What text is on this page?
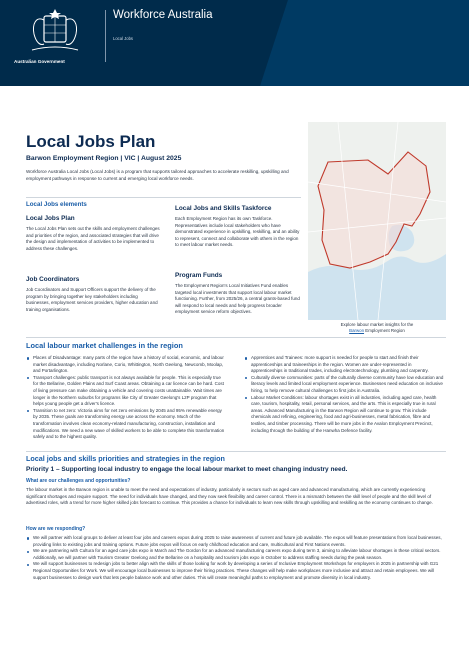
Australian Government
Workforce Australia
Local Jobs
Local Jobs Plan
Barwon Employment Region | VIC | August 2025
Workforce Australia Local Jobs (Local Jobs) is a program that supports tailored approaches to accelerate reskilling, upskilling and employment pathways in response to current and emerging local workforce needs.
Explore labour market insights for the
Barwon Employment Region
Local Jobs elements
Local Jobs Plan
The Local Jobs Plan sets out the skills and employment challenges and priorities of the region, and associated strategies that will drive the design and implementation of activities to be implemented to address these challenges.
Job Coordinators
Job Coordinators and Support Officers support the delivery of the program by bringing together key stakeholders including businesses, employment services providers, higher education and training organisations.
Local Jobs and Skills Taskforce
Each Employment Region has its own Taskforce. Representatives include local stakeholders who have demonstrated experience in upskilling, reskilling, and an ability to represent, connect and collaborate with others in the region to meet labour market needs.
Program Funds
The Employment Region's Local Initiatives Fund enables targeted local investments that support local labour market functioning. Further, from 2025/26, a central grants-based fund will respond to local needs and help progress broader employment service reform objectives.
Local labour market challenges in the region
Places of Disadvantage: many parts of the region have a history of social, economic, and labour market disadvantage, including Norlane, Corio, Whittington, North Geelong, Newcomb, Moolap, and Portarlington.
Transport challenges: public transport is not always available for people. This is especially true for the Bellarine, Golden Plains and Surf Coast areas. Obtaining a car licence can be hard. Cost of living pressure can make obtaining a vehicle and covering costs unattainable. Wait times are longer in the Northern suburbs for programs like City of Greater Geelong's L2P program that helps young people get a driver's licence.
Transition to net zero: Victoria aims for net zero emissions by 2045 and 95% renewable energy by 2035. These goals are transforming energy use across the economy. Much of the transformation involves clean economy-related manufacturing, construction, installation and modifications. We need a new wave of skilled workers to be able to complete this transformation safely and to the highest quality.
Apprentices and Trainees: more support is needed for people to start and finish their apprenticeships and traineeships in the region. Women are under-represented in apprenticeships in traditional trades, including electrotechnology, plumbing and carpentry.
Culturally diverse communities: parts of the culturally diverse community have low education and literacy levels and limited local employment experience. Businesses need education on inclusive hiring, to help remove cultural challenges to first jobs in Australia.
Labour Market Conditions: labour shortages exist in all industries, including aged care, health care, tourism, hospitality, retail, personal services, and the arts. This is especially true in rural areas. Advanced Manufacturing in the Barwon Region will continue to grow. This include chemicals and refining, engineering, food and agri-businesses, metal fabrication, fibre and textiles, and timber processing. There will be more jobs in the Avalon Employment Precinct, including through the building of the Hanwha Defence facility.
Local jobs and skills priorities and strategies in the region
Priority 1 – Supporting local industry to engage the local labour market to meet changing industry need.
What are our challenges and opportunities?
The labour market in the Barwon region is unable to meet the need and expectations of industry, particularly in sectors such as aged care and advanced manufacturing, which are currently experiencing significant shortages and require support. The need for individuals have changed, and they now seek flexibility and career control. There is a mismatch between the skill level of people and the skill level of advertised roles, with a trend for more higher skilled jobs forecast to continue. This provides a chance for individuals to learn new skills through upskilling and reskilling as the economy continues to change.
How are we responding?
We will partner with local groups to deliver at least four jobs and careers expos during 2025 to raise awareness of current and future job available. The expos will feature presentations from local businesses, providing links to existing jobs and training options. Future jobs expos will focus on early childhood education and care, multicultural and First Nations events.
We are partnering with Cultura for an aged care jobs expo in March and The Gordon for an advanced manufacturing careers expo during term 3, aiming to alleviate labour shortages in these critical sectors. Additionally, we will partner with Tourism Greater Geelong and the Bellarine on a hospitality and tourism jobs expo in October to address staffing needs during the peak season.
We will support businesses to redesign jobs to better align with the skills of those looking for work by developing a series of Inclusive Employment Workshops for employers in 2025 in partnership with G21 Regional Opportunities for Work. We will encourage local businesses to improve their hiring practices. These changes will help make workplaces more inclusive and attract and retain employees. We will support businesses to design work that lets people balance work and other duties. This will create meaningful paths to employment and promote diversity in local industry.
